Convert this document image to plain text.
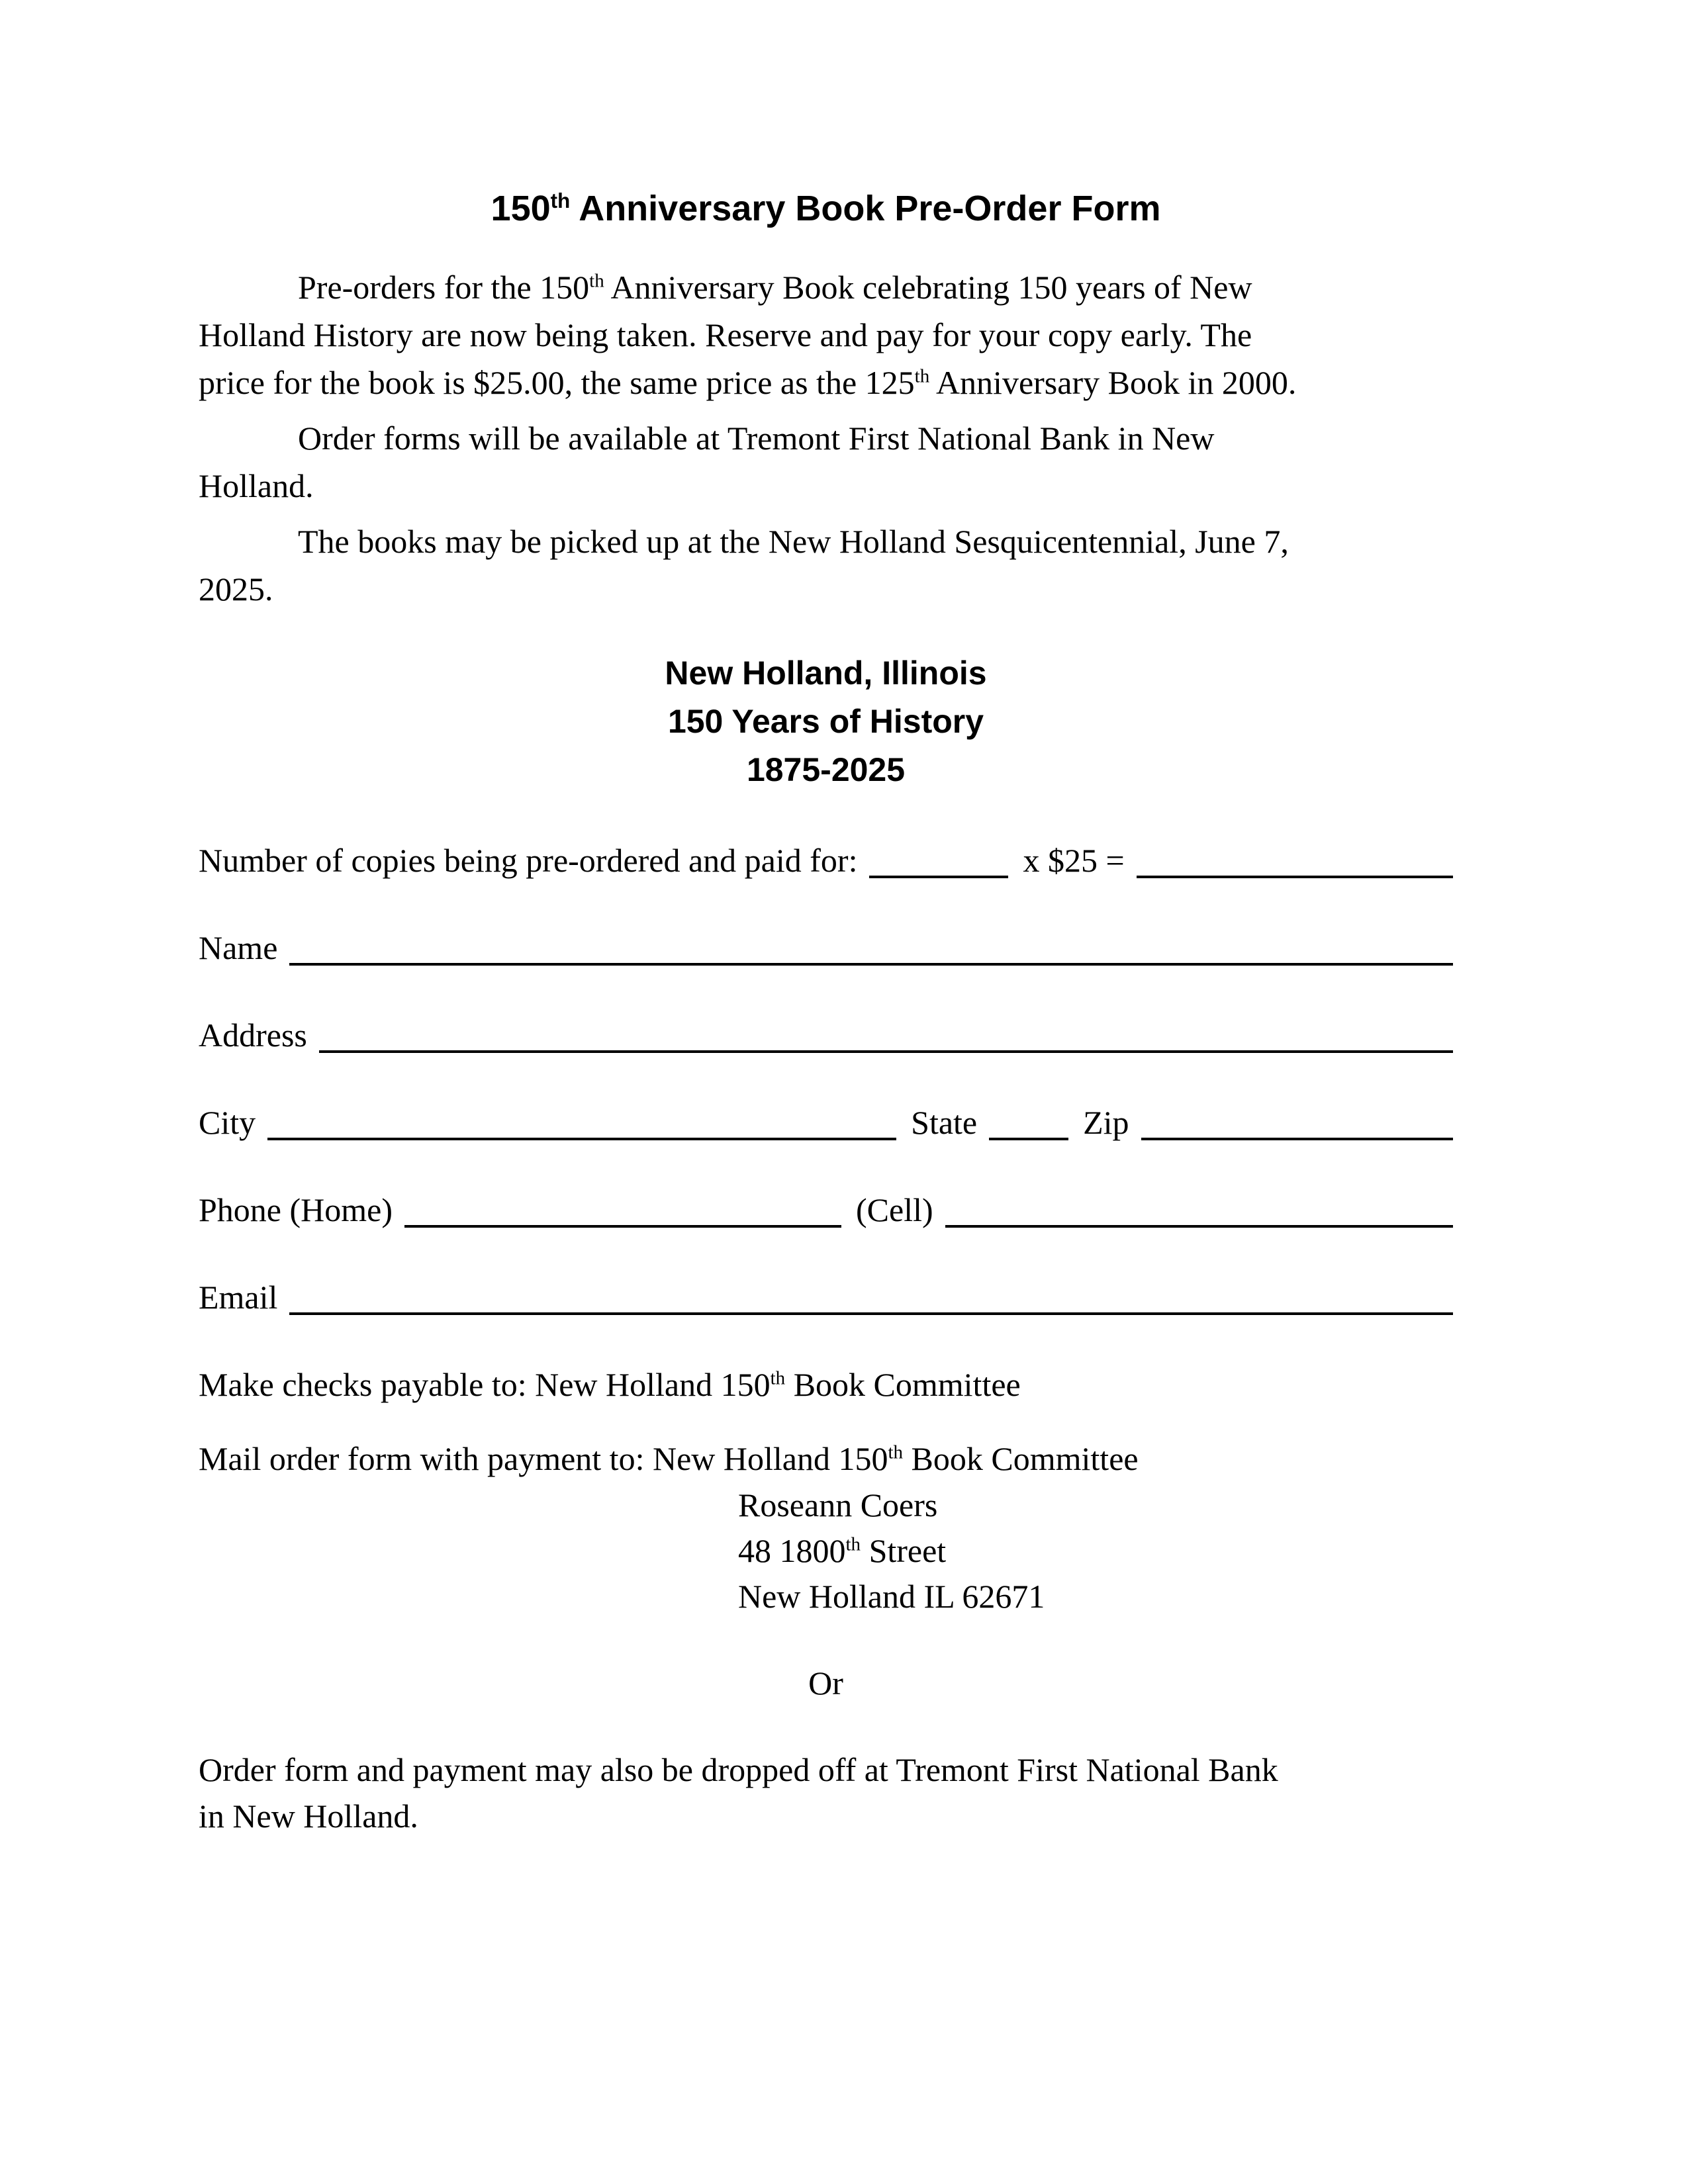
150th Anniversary Book Pre-Order Form
Pre-orders for the 150th Anniversary Book celebrating 150 years of New
Holland History are now being taken. Reserve and pay for your copy early. The
price for the book is $25.00, the same price as the 125th Anniversary Book in 2000.
Order forms will be available at Tremont First National Bank in New
Holland.
The books may be picked up at the New Holland Sesquicentennial, June 7,
2025.
New Holland, Illinois
150 Years of History
1875-2025
Number of copies being pre-ordered and paid for:	x $25 =
Name
Address
City	State	Zip
Phone (Home)	(Cell)
Email
Make checks payable to: New Holland 150th Book Committee
Mail order form with payment to: New Holland 150th Book Committee
Roseann Coers
48 1800th Street
New Holland IL 62671
Or
Order form and payment may also be dropped off at Tremont First National Bank
in New Holland.
